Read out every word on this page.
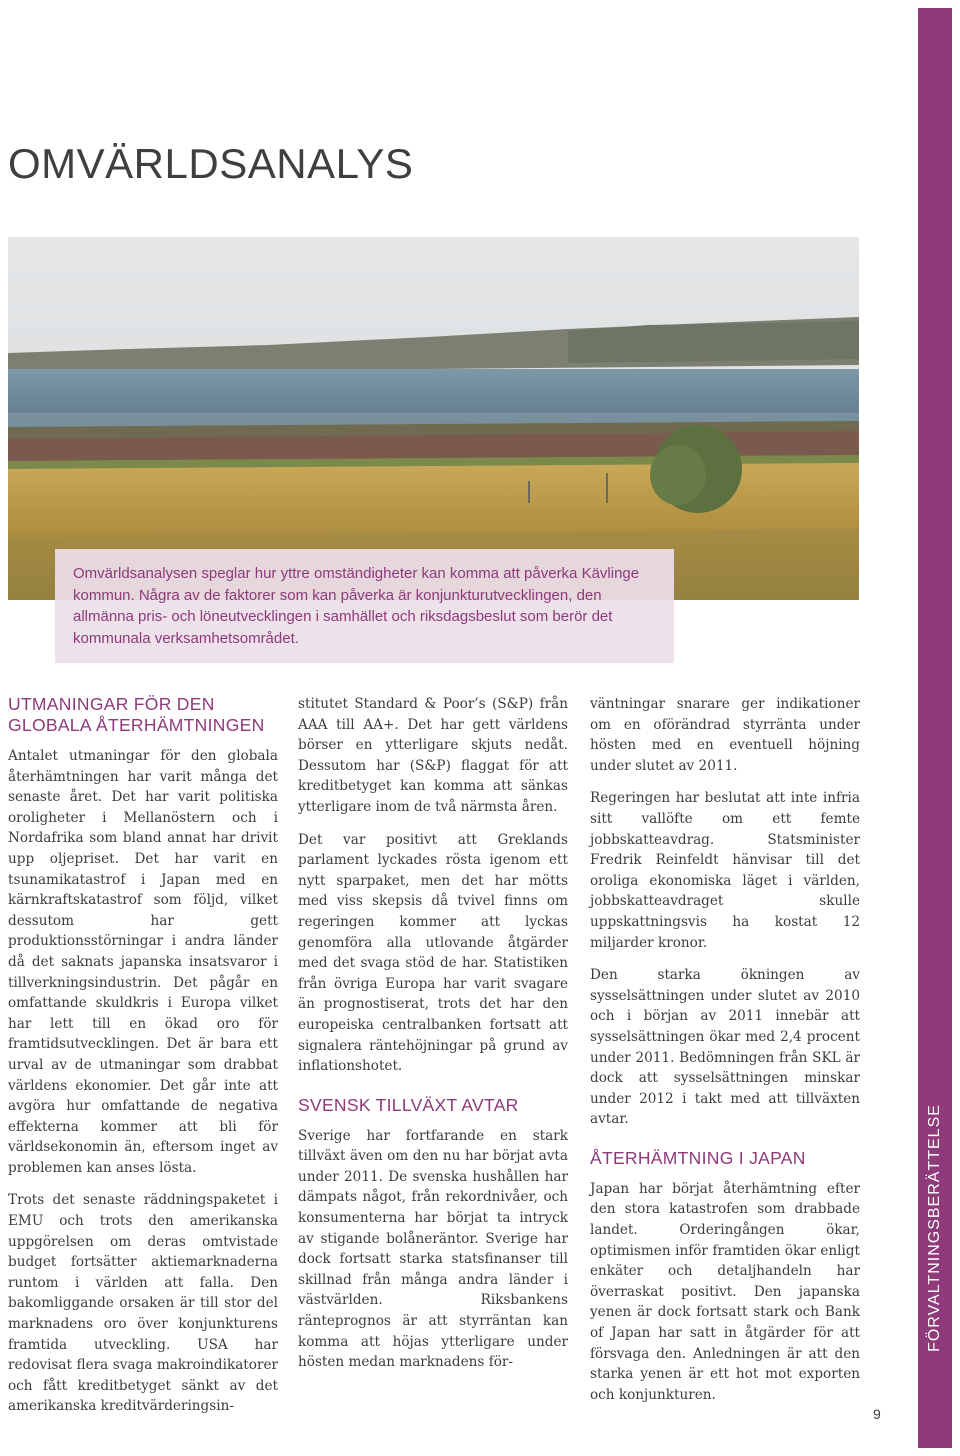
FÖRVALTNINGSBERÄTTELSE
OMVÄRLDSANALYS

Omvärldsanalysen speglar hur yttre omständigheter kan komma att påverka Kävlinge kommun. Några av de faktorer som kan påverka är konjunkturutvecklingen, den allmänna pris- och löneutvecklingen i samhället och riksdagsbeslut som berör det kommunala verksamhetsområdet.

UTMANINGAR FÖR DEN
GLOBALA ÅTERHÄMTNINGEN

Antalet utmaningar för den globala återhämtningen har varit många det senaste året. Det har varit politiska oroligheter i Mellanöstern och i Nordafrika som bland annat har drivit upp oljepriset. Det har varit en tsunamikatastrof i Japan med en kärnkraftskatastrof som följd, vilket dessutom har gett produktionsstörningar i andra länder då det saknats japanska insatsvaror i tillverkningsindustrin. Det pågår en omfattande skuldkris i Europa vilket har lett till en ökad oro för framtidsutvecklingen. Det är bara ett urval av de utmaningar som drabbat världens ekonomier. Det går inte att avgöra hur omfattande de negativa effekterna kommer att bli för världsekonomin än, eftersom inget av problemen kan anses lösta.

Trots det senaste räddningspaketet i EMU och trots den amerikanska uppgörelsen om deras omtvistade budget fortsätter aktiemarknaderna runtom i världen att falla. Den bakomliggande orsaken är till stor del marknadens oro över konjunkturens framtida utveckling. USA har redovisat flera svaga makroindikatorer och fått kreditbetyget sänkt av det amerikanska kreditvärderingsin-

stitutet Standard & Poor’s (S&P) från AAA till AA+. Det har gett världens börser en ytterligare skjuts nedåt. Dessutom har (S&P) flaggat för att kreditbetyget kan komma att sänkas ytterligare inom de två närmsta åren.

Det var positivt att Greklands parlament lyckades rösta igenom ett nytt sparpaket, men det har mötts med viss skepsis då tvivel finns om regeringen kommer att lyckas genomföra alla utlovande åtgärder med det svaga stöd de har. Statistiken från övriga Europa har varit svagare än prognostiserat, trots det har den europeiska centralbanken fortsatt att signalera räntehöjningar på grund av inflationshotet.

SVENSK TILLVÄXT AVTAR

Sverige har fortfarande en stark tillväxt även om den nu har börjat avta under 2011. De svenska hushållen har dämpats något, från rekordnivåer, och konsumenterna har börjat ta intryck av stigande bolåneräntor. Sverige har dock fortsatt starka statsfinanser till skillnad från många andra länder i västvärlden. Riksbankens ränteprognos är att styrräntan kan komma att höjas ytterligare under hösten medan marknadens för-

väntningar snarare ger indikationer om en oförändrad styrränta under hösten med en eventuell höjning under slutet av 2011.

Regeringen har beslutat att inte infria sitt vallöfte om ett femte jobbskatteavdrag. Statsminister Fredrik Reinfeldt hänvisar till det oroliga ekonomiska läget i världen, jobbskatteavdraget skulle uppskattningsvis ha kostat 12 miljarder kronor.

Den starka ökningen av sysselsättningen under slutet av 2010 och i början av 2011 innebär att sysselsättningen ökar med 2,4 procent under 2011. Bedömningen från SKL är dock att sysselsättningen minskar under 2012 i takt med att tillväxten avtar.

ÅTERHÄMTNING I JAPAN

Japan har börjat återhämtning efter den stora katastrofen som drabbade landet. Orderingången ökar, optimismen inför framtiden ökar enligt enkäter och detaljhandeln har överraskat positivt. Den japanska yenen är dock fortsatt stark och Bank of Japan har satt in åtgärder för att försvaga den. Anledningen är att den starka yenen är ett hot mot exporten och konjunkturen.

9
